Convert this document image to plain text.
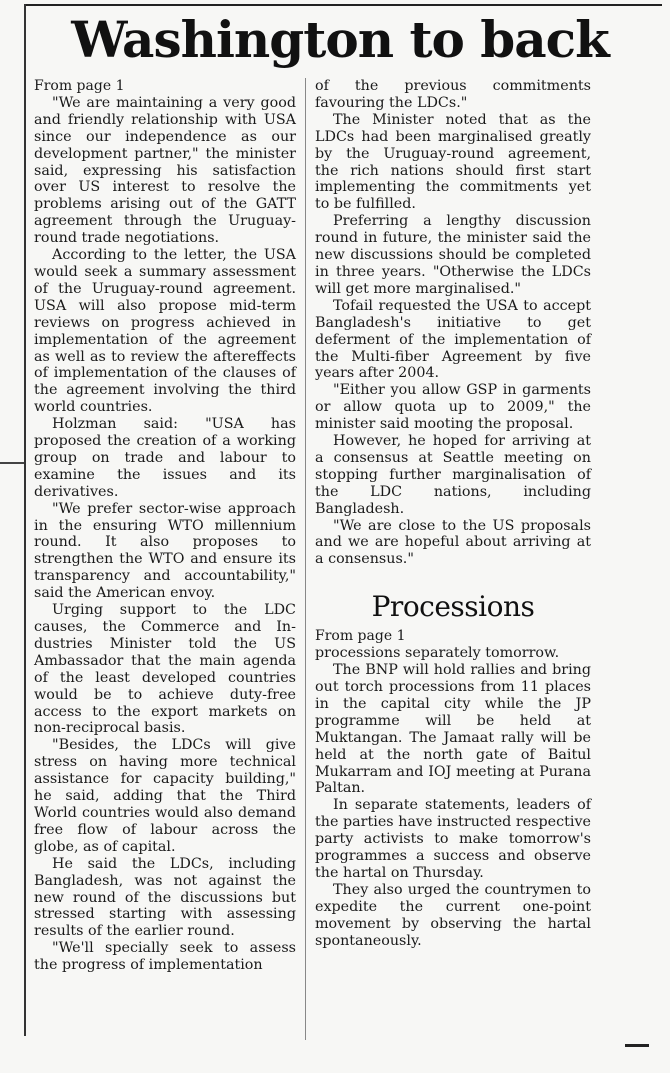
Washington to back

From page 1

"We are maintaining a very good and friendly relationship with USA since our independence as our development partner," the minister said, expressing his satisfaction over US interest to resolve the problems arising out of the GATT agreement through the Uruguay-round trade negotiations.

According to the letter, the USA would seek a summary assessment of the Uruguay-round agreement. USA will also propose mid-term reviews on progress achieved in implementation of the agreement as well as to review the aftereffects of implementation of the clauses of the agreement involving the third world countries.

Holzman said: "USA has proposed the creation of a working group on trade and labour to examine the issues and its derivatives.

"We prefer sector-wise approach in the ensuring WTO millennium round. It also proposes to strengthen the WTO and ensure its transparency and accountability," said the American envoy.

Urging support to the LDC causes, the Commerce and Industries Minister told the US Ambassador that the main agenda of the least developed countries would be to achieve duty-free access to the export markets on non-reciprocal basis.

"Besides, the LDCs will give stress on having more technical assistance for capacity building," he said, adding that the Third World countries would also demand free flow of labour across the globe, as of capital.

He said the LDCs, including Bangladesh, was not against the new round of the discussions but stressed starting with assessing results of the earlier round.

"We'll specially seek to assess the progress of implementation

of the previous commitments favouring the LDCs."

The Minister noted that as the LDCs had been marginalised greatly by the Uruguay-round agreement, the rich nations should first start implementing the commitments yet to be fulfilled.

Preferring a lengthy discussion round in future, the minister said the new discussions should be completed in three years. "Otherwise the LDCs will get more marginalised."

Tofail requested the USA to accept Bangladesh's initiative to get deferment of the implementation of the Multi-fiber Agreement by five years after 2004.

"Either you allow GSP in garments or allow quota up to 2009," the minister said mooting the proposal.

However, he hoped for arriving at a consensus at Seattle meeting on stopping further marginalisation of the LDC nations, including Bangladesh.

"We are close to the US proposals and we are hopeful about arriving at a consensus."

Processions

From page 1

processions separately tomorrow.

The BNP will hold rallies and bring out torch processions from 11 places in the capital city while the JP programme will be held at Muktangan. The Jamaat rally will be held at the north gate of Baitul Mukarram and IOJ meeting at Purana Paltan.

In separate statements, leaders of the parties have instructed respective party activists to make tomorrow's programmes a success and observe the hartal on Thursday.

They also urged the countrymen to expedite the current one-point movement by observing the hartal spontaneously.
